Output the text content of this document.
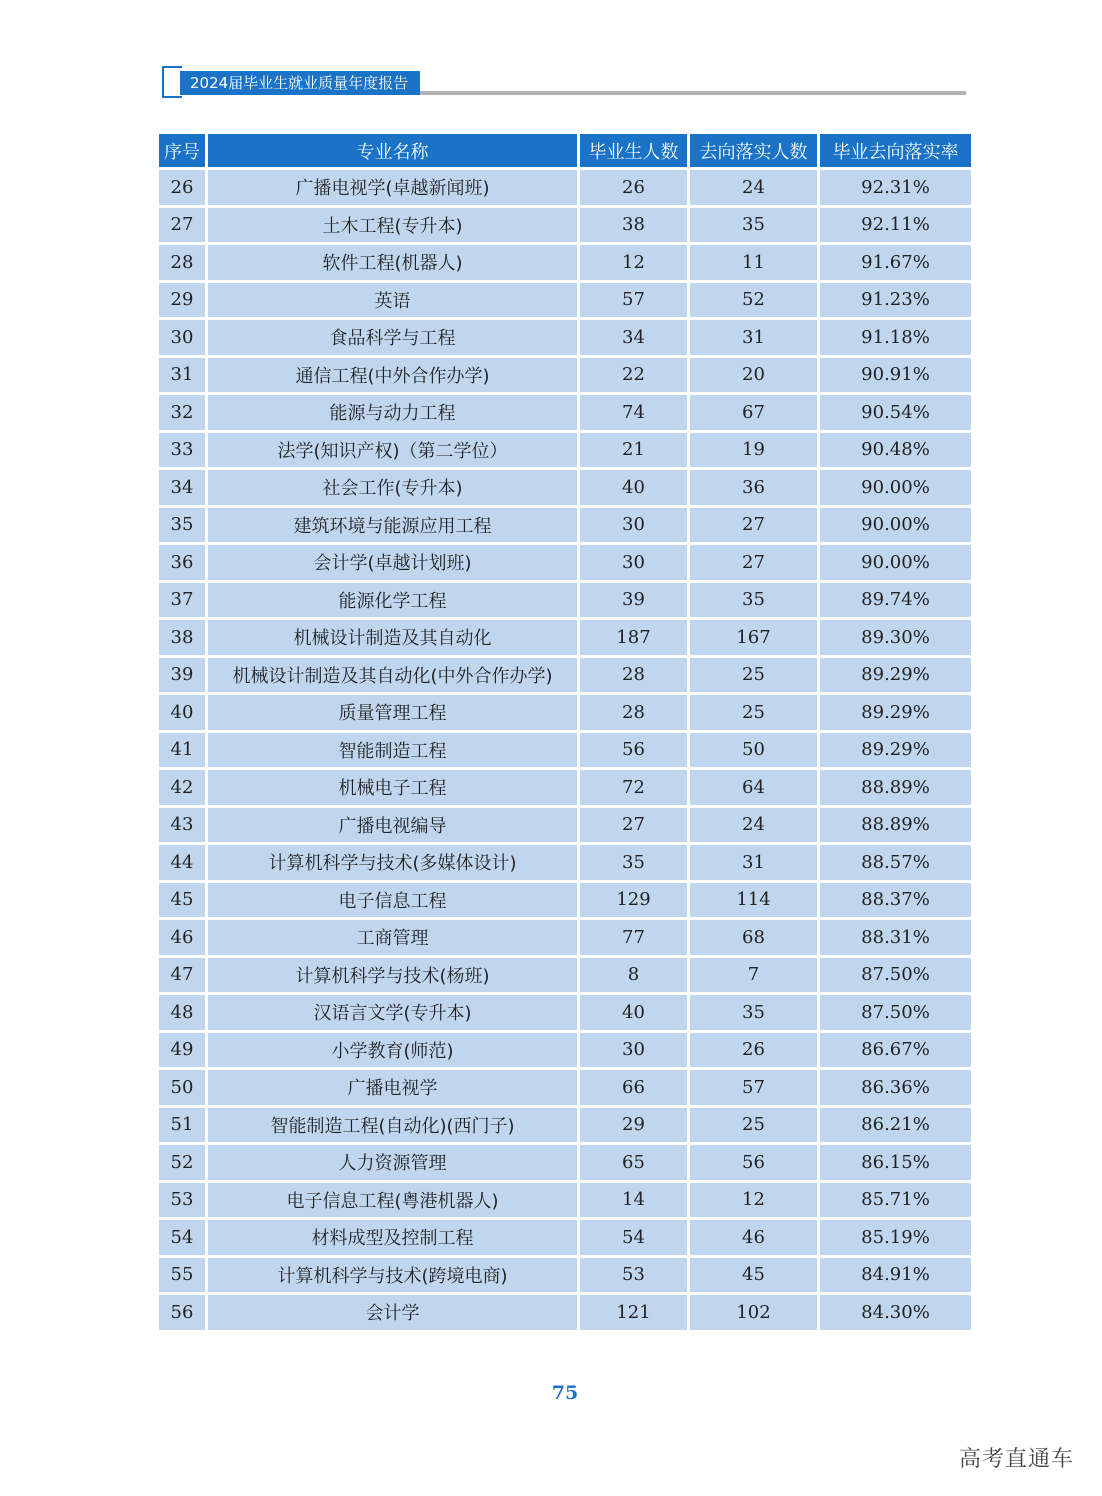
2024届毕业生就业质量年度报告
序号	专业名称	毕业生人数	去向落实人数	毕业去向落实率
26	广播电视学(卓越新闻班)	26	24	92.31%
27	土木工程(专升本)	38	35	92.11%
28	软件工程(机器人)	12	11	91.67%
29	英语	57	52	91.23%
30	食品科学与工程	34	31	91.18%
31	通信工程(中外合作办学)	22	20	90.91%
32	能源与动力工程	74	67	90.54%
33	法学(知识产权)（第二学位）	21	19	90.48%
34	社会工作(专升本)	40	36	90.00%
35	建筑环境与能源应用工程	30	27	90.00%
36	会计学(卓越计划班)	30	27	90.00%
37	能源化学工程	39	35	89.74%
38	机械设计制造及其自动化	187	167	89.30%
39	机械设计制造及其自动化(中外合作办学)	28	25	89.29%
40	质量管理工程	28	25	89.29%
41	智能制造工程	56	50	89.29%
42	机械电子工程	72	64	88.89%
43	广播电视编导	27	24	88.89%
44	计算机科学与技术(多媒体设计)	35	31	88.57%
45	电子信息工程	129	114	88.37%
46	工商管理	77	68	88.31%
47	计算机科学与技术(杨班)	8	7	87.50%
48	汉语言文学(专升本)	40	35	87.50%
49	小学教育(师范)	30	26	86.67%
50	广播电视学	66	57	86.36%
51	智能制造工程(自动化)(西门子)	29	25	86.21%
52	人力资源管理	65	56	86.15%
53	电子信息工程(粤港机器人)	14	12	85.71%
54	材料成型及控制工程	54	46	85.19%
55	计算机科学与技术(跨境电商)	53	45	84.91%
56	会计学	121	102	84.30%
75
高考直通车
